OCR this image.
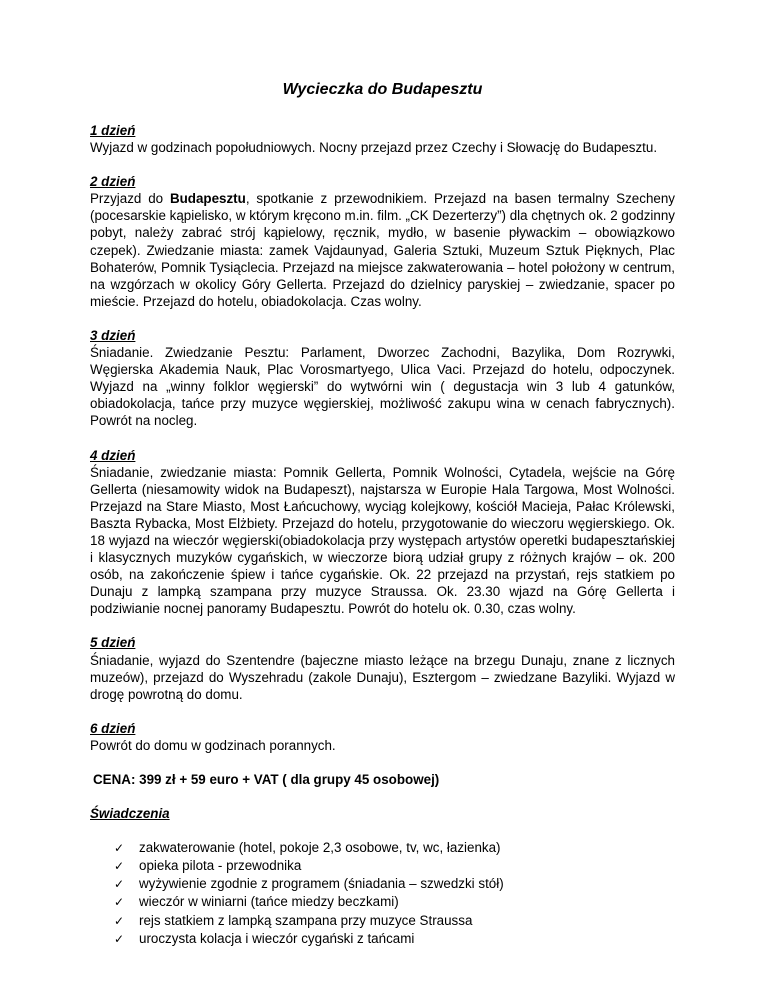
Wycieczka do Budapesztu
1 dzień

Wyjazd w godzinach popołudniowych. Nocny przejazd przez Czechy i Słowację do Budapesztu.

2 dzień

Przyjazd do Budapesztu, spotkanie z przewodnikiem. Przejazd na basen termalny Szecheny (pocesarskie kąpielisko, w którym kręcono m.in. film. „CK Dezerterzy”) dla chętnych ok. 2 godzinny pobyt, należy zabrać strój kąpielowy, ręcznik, mydło, w basenie pływackim – obowiązkowo czepek). Zwiedzanie miasta: zamek Vajdaunyad, Galeria Sztuki, Muzeum Sztuk Pięknych, Plac Bohaterów, Pomnik Tysiąclecia. Przejazd na miejsce zakwaterowania – hotel położony w centrum, na wzgórzach w okolicy Góry Gellerta. Przejazd do dzielnicy paryskiej – zwiedzanie, spacer po mieście. Przejazd do hotelu, obiadokolacja. Czas wolny.

3 dzień

Śniadanie. Zwiedzanie Pesztu: Parlament, Dworzec Zachodni, Bazylika, Dom Rozrywki, Węgierska Akademia Nauk, Plac Vorosmartyego, Ulica Vaci. Przejazd do hotelu, odpoczynek. Wyjazd na „winny folklor węgierski” do wytwórni win ( degustacja win 3 lub 4 gatunków, obiadokolacja, tańce przy muzyce węgierskiej, możliwość zakupu wina w cenach fabrycznych). Powrót na nocleg.

4 dzień

Śniadanie, zwiedzanie miasta: Pomnik Gellerta, Pomnik Wolności, Cytadela, wejście na Górę Gellerta (niesamowity widok na Budapeszt), najstarsza w Europie Hala Targowa, Most Wolności. Przejazd na Stare Miasto, Most Łańcuchowy, wyciąg kolejkowy, kościół Macieja, Pałac Królewski, Baszta Rybacka, Most Elżbiety. Przejazd do hotelu, przygotowanie do wieczoru węgierskiego. Ok. 18 wyjazd na wieczór węgierski(obiadokolacja przy występach artystów operetki budapesztańskiej i klasycznych muzyków cygańskich, w wieczorze biorą udział grupy z różnych krajów – ok. 200 osób, na zakończenie śpiew i tańce cygańskie. Ok. 22 przejazd na przystań, rejs statkiem po Dunaju z lampką szampana przy muzyce Straussa. Ok. 23.30 wjazd na Górę Gellerta i podziwianie nocnej panoramy Budapesztu. Powrót do hotelu ok. 0.30, czas wolny.

5 dzień

Śniadanie, wyjazd do Szentendre (bajeczne miasto leżące na brzegu Dunaju, znane z licznych muzeów), przejazd do Wyszehradu (zakole Dunaju), Esztergom – zwiedzane Bazyliki. Wyjazd w drogę powrotną do domu.

6 dzień

Powrót do domu w godzinach porannych.

CENA: 399 zł + 59 euro + VAT ( dla grupy 45 osobowej)
Świadczenia
✓	zakwaterowanie (hotel, pokoje 2,3 osobowe, tv, wc, łazienka)
✓	opieka pilota - przewodnika
✓	wyżywienie zgodnie z programem (śniadania – szwedzki stół)
✓	wieczór w winiarni (tańce miedzy beczkami)
✓	rejs statkiem z lampką szampana przy muzyce Straussa
✓	uroczysta kolacja i wieczór cygański z tańcami
